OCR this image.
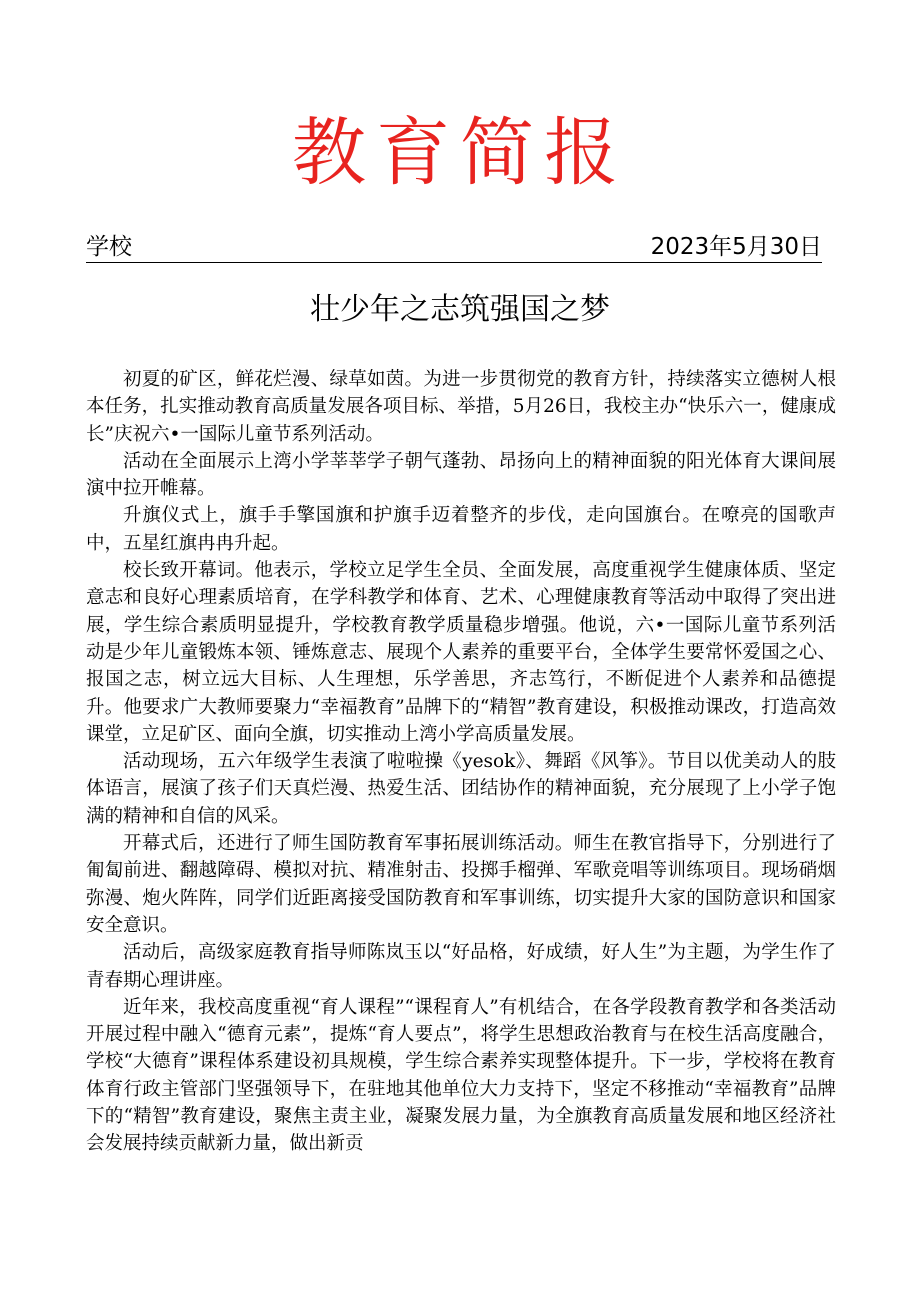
教育简报
学校	2023年5月30日
壮少年之志筑强国之梦

初夏的矿区，鲜花烂漫、绿草如茵。为进一步贯彻党的教育方针，持续落实立德树人根本任务，扎实推动教育高质量发展各项目标、举措，5月26日，我校主办“快乐六一，健康成长”庆祝六•一国际儿童节系列活动。

活动在全面展示上湾小学莘莘学子朝气蓬勃、昂扬向上的精神面貌的阳光体育大课间展演中拉开帷幕。

升旗仪式上，旗手手擎国旗和护旗手迈着整齐的步伐，走向国旗台。在嘹亮的国歌声中，五星红旗冉冉升起。

校长致开幕词。他表示，学校立足学生全员、全面发展，高度重视学生健康体质、坚定意志和良好心理素质培育，在学科教学和体育、艺术、心理健康教育等活动中取得了突出进展，学生综合素质明显提升，学校教育教学质量稳步增强。他说，六•一国际儿童节系列活动是少年儿童锻炼本领、锤炼意志、展现个人素养的重要平台，全体学生要常怀爱国之心、报国之志，树立远大目标、人生理想，乐学善思，齐志笃行，不断促进个人素养和品德提升。他要求广大教师要聚力“幸福教育”品牌下的“精智”教育建设，积极推动课改，打造高效课堂，立足矿区、面向全旗，切实推动上湾小学高质量发展。

活动现场，五六年级学生表演了啦啦操《yesok》、舞蹈《风筝》。节目以优美动人的肢体语言，展演了孩子们天真烂漫、热爱生活、团结协作的精神面貌，充分展现了上小学子饱满的精神和自信的风采。

开幕式后，还进行了师生国防教育军事拓展训练活动。师生在教官指导下，分别进行了匍匐前进、翻越障碍、模拟对抗、精准射击、投掷手榴弹、军歌竞唱等训练项目。现场硝烟弥漫、炮火阵阵，同学们近距离接受国防教育和军事训练，切实提升大家的国防意识和国家安全意识。

活动后，高级家庭教育指导师陈岚玉以“好品格，好成绩，好人生”为主题，为学生作了青春期心理讲座。

近年来，我校高度重视“育人课程”“课程育人”有机结合，在各学段教育教学和各类活动开展过程中融入“德育元素”，提炼“育人要点”，将学生思想政治教育与在校生活高度融合，学校“大德育”课程体系建设初具规模，学生综合素养实现整体提升。下一步，学校将在教育体育行政主管部门坚强领导下，在驻地其他单位大力支持下，坚定不移推动“幸福教育”品牌下的“精智”教育建设，聚焦主责主业，凝聚发展力量，为全旗教育高质量发展和地区经济社会发展持续贡献新力量，做出新贡
